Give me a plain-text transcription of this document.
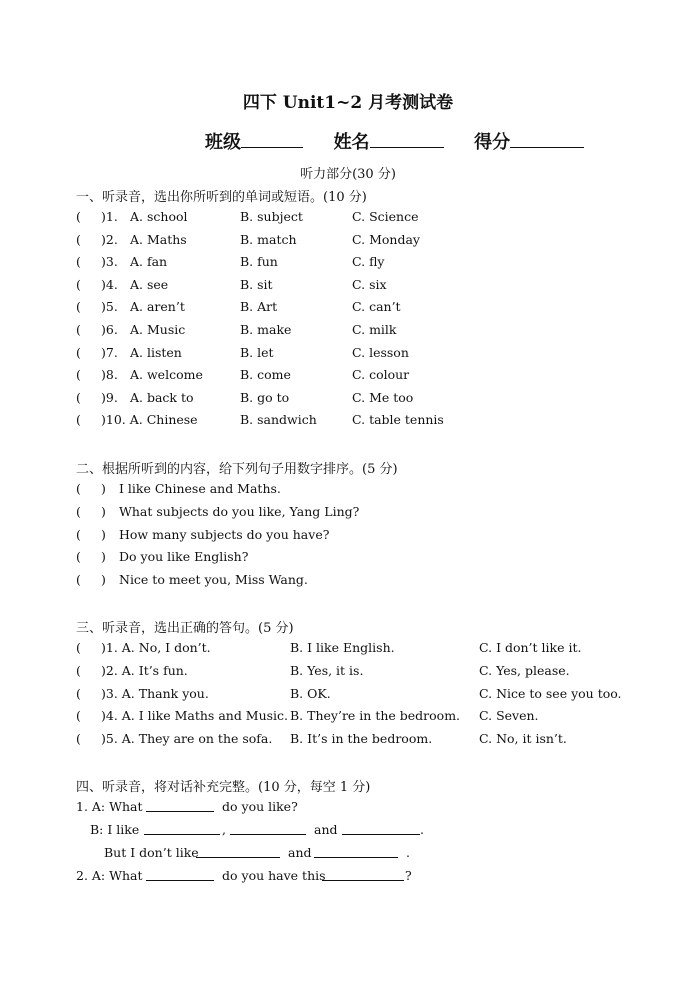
四下 Unit1~2 月考测试卷
班级	姓名	得分
听力部分(30 分)
一、听录音，选出你所听到的单词或短语。(10 分)
( )1. A. school	B. subject	C. Science
( )2. A. Maths	B. match	C. Monday
( )3. A. fan	B. fun	C. fly
( )4. A. see	B. sit	C. six
( )5. A. aren’t	B. Art	C. can’t
( )6. A. Music	B. make	C. milk
( )7. A. listen	B. let	C. lesson
( )8. A. welcome	B. come	C. colour
( )9. A. back to	B. go to	C. Me too
( )10. A. Chinese	B. sandwich	C. table tennis
二、根据所听到的内容，给下列句子用数字排序。(5 分)
( ) I like Chinese and Maths.
( ) What subjects do you like, Yang Ling?
( ) How many subjects do you have?
( ) Do you like English?
( ) Nice to meet you, Miss Wang.
三、听录音，选出正确的答句。(5 分)
( )1. A. No, I don’t.	B. I like English.	C. I don’t like it.
( )2. A. It’s fun.	B. Yes, it is.	C. Yes, please.
( )3. A. Thank you.	B. OK.	C. Nice to see you too.
( )4. A. I like Maths and Music. B. They’re in the bedroom. C. Seven.
( )5. A. They are on the sofa. B. It’s in the bedroom.	C. No, it isn’t.
四、听录音，将对话补充完整。(10 分，每空 1 分)
1. A: What	do you like?
B: I like	,	and	.
But I don’t like	and	.
2. A: What	do you have this	?
